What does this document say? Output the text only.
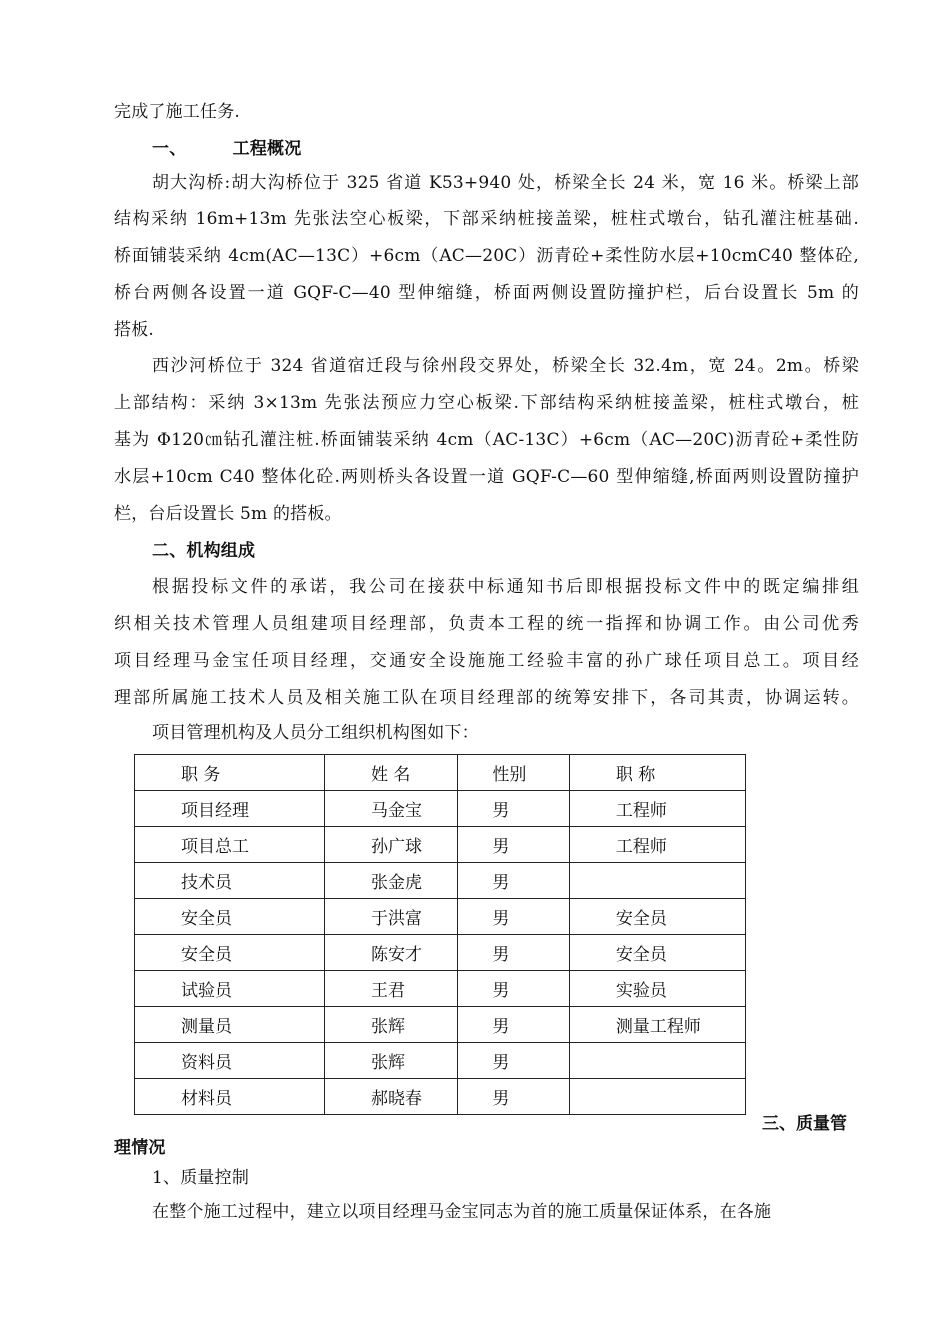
完成了施工任务.
一、	工程概况
胡大沟桥:胡大沟桥位于 325 省道 K53+940 处，桥梁全长 24 米，宽 16 米。桥梁上部
结构采纳 16m+13m 先张法空心板梁，下部采纳桩接盖梁，桩柱式墩台，钻孔灌注桩基础.
桥面铺装采纳 4cm(AC—13C）+6cm（AC—20C）沥青砼+柔性防水层+10cmC40 整体砼,
桥台两侧各设置一道 GQF-C—40 型伸缩缝，桥面两侧设置防撞护栏，后台设置长 5m 的
搭板.
西沙河桥位于 324 省道宿迁段与徐州段交界处，桥梁全长 32.4m，宽 24。2m。桥梁
上部结构：采纳 3×13m 先张法预应力空心板梁.下部结构采纳桩接盖梁，桩柱式墩台，桩
基为 Φ120㎝钻孔灌注桩.桥面铺装采纳 4cm（AC-13C）+6cm（AC—20C)沥青砼+柔性防
水层+10cm C40 整体化砼.两则桥头各设置一道 GQF-C—60 型伸缩缝,桥面两则设置防撞护
栏，台后设置长 5m 的搭板。
二、机构组成
根据投标文件的承诺，我公司在接获中标通知书后即根据投标文件中的既定编排组
织相关技术管理人员组建项目经理部，负责本工程的统一指挥和协调工作。由公司优秀
项目经理马金宝任项目经理，交通安全设施施工经验丰富的孙广球任项目总工。项目经
理部所属施工技术人员及相关施工队在项目经理部的统筹安排下，各司其责，协调运转。
项目管理机构及人员分工组织机构图如下：
职 务	姓 名	性别	职 称

项目经理	马金宝	男	工程师

项目总工	孙广球	男	工程师

技术员	张金虎	男	

安全员	于洪富	男	安全员

安全员	陈安才	男	安全员

试验员	王君	男	实验员

测量员	张辉	男	测量工程师

资料员	张辉	男	

材料员	郝晓春	男	

三、质量管
理情况
1、质量控制
在整个施工过程中，建立以项目经理马金宝同志为首的施工质量保证体系，在各施
